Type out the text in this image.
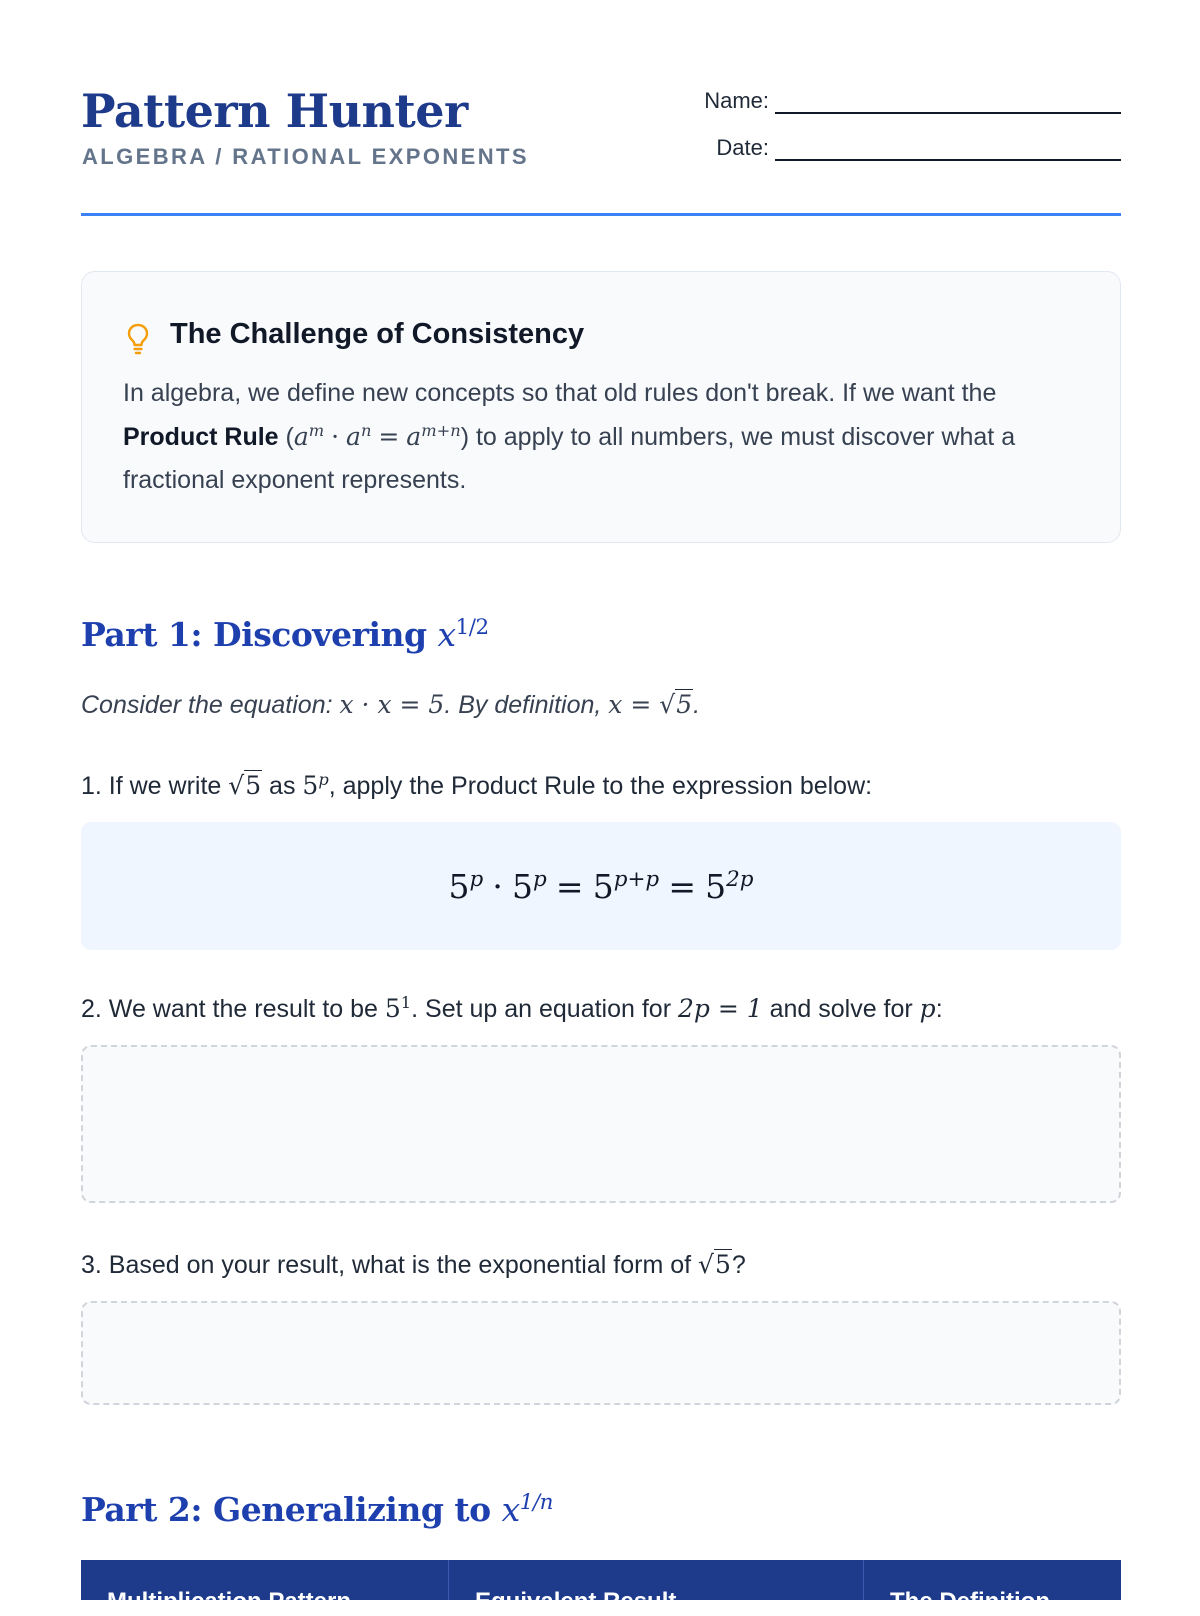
Pattern Hunter
ALGEBRA / RATIONAL EXPONENTS
Name:
Date:
The Challenge of Consistency
In algebra, we define new concepts so that old rules don't break. If we want the Product Rule $(a^m \cdot a^n = a^{m+n})$ to apply to all numbers, we must discover what a fractional exponent represents.
Part 1: Discovering $x^{1/2}$
Consider the equation: x · x = 5. By definition, x = √5.
1. If we write √5 as 5$^p$, apply the Product Rule to the expression below:
$5^p \cdot 5^p = 5^{p+p} = 5^{2p}$
2. We want the result to be $5^1$. Set up an equation for 2p = 1 and solve for p:
3. Based on your result, what is the exponential form of √5?
Part 2: Generalizing to $x^{1/n}$
Multiplication Pattern	Equivalent Result	The Definition
